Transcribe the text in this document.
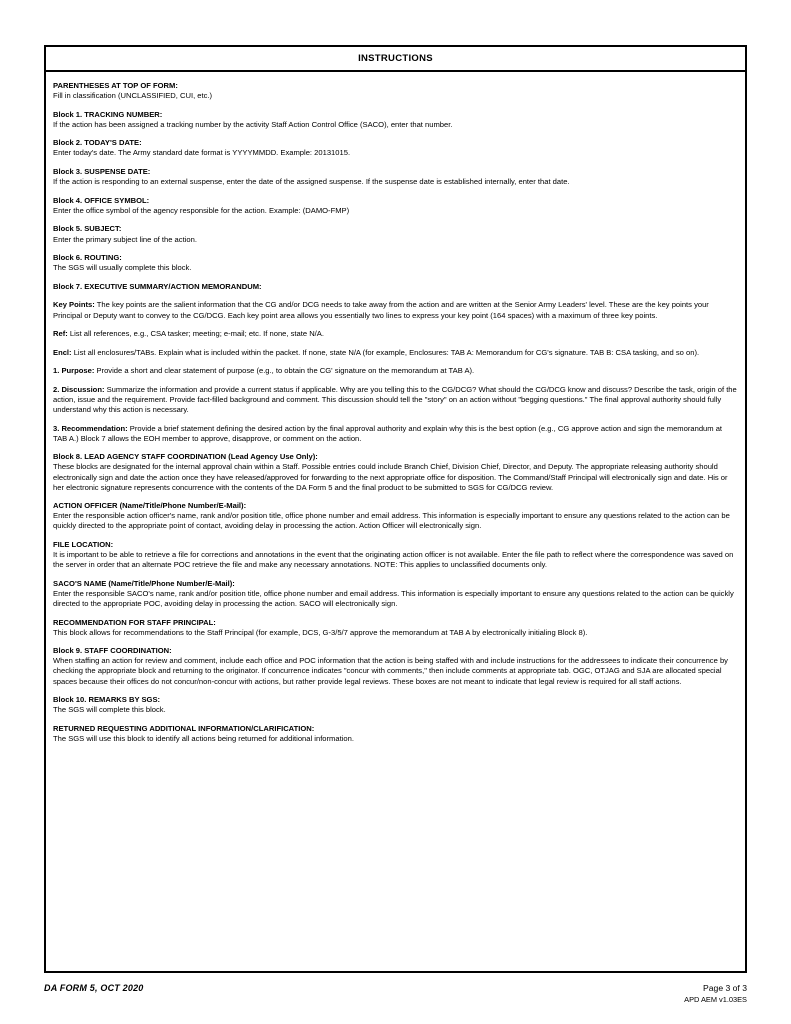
INSTRUCTIONS
PARENTHESES AT TOP OF FORM:
Fill in classification (UNCLASSIFIED, CUI, etc.)
Block 1. TRACKING NUMBER:
If the action has been assigned a tracking number by the activity Staff Action Control Office (SACO), enter that number.
Block 2. TODAY'S DATE:
Enter today's date. The Army standard date format is YYYYMMDD. Example: 20131015.
Block 3. SUSPENSE DATE:
If the action is responding to an external suspense, enter the date of the assigned suspense. If the suspense date is established internally, enter that date.
Block 4. OFFICE SYMBOL:
Enter the office symbol of the agency responsible for the action. Example: (DAMO-FMP)
Block 5. SUBJECT:
Enter the primary subject line of the action.
Block 6. ROUTING:
The SGS will usually complete this block.
Block 7. EXECUTIVE SUMMARY/ACTION MEMORANDUM:
Key Points: The key points are the salient information that the CG and/or DCG needs to take away from the action and are written at the Senior Army Leaders' level. These are the key points your Principal or Deputy want to convey to the CG/DCG. Each key point area allows you essentially two lines to express your key point (164 spaces) with a maximum of three key points.
Ref: List all references, e.g., CSA tasker; meeting; e-mail; etc. If none, state N/A.
Encl: List all enclosures/TABs. Explain what is included within the packet. If none, state N/A (for example, Enclosures: TAB A: Memorandum for CG's signature. TAB B: CSA tasking, and so on).
1. Purpose: Provide a short and clear statement of purpose (e.g., to obtain the CG' signature on the memorandum at TAB A).
2. Discussion: Summarize the information and provide a current status if applicable. Why are you telling this to the CG/DCG? What should the CG/DCG know and discuss? Describe the task, origin of the action, issue and the requirement. Provide fact-filled background and comment. This discussion should tell the "story" on an action without "begging questions." The final approval authority should fully understand why this action is necessary.
3. Recommendation: Provide a brief statement defining the desired action by the final approval authority and explain why this is the best option (e.g., CG approve action and sign the memorandum at TAB A.) Block 7 allows the EOH member to approve, disapprove, or comment on the action.
Block 8. LEAD AGENCY STAFF COORDINATION (Lead Agency Use Only):
These blocks are designated for the internal approval chain within a Staff. Possible entries could include Branch Chief, Division Chief, Director, and Deputy. The appropriate releasing authority should electronically sign and date the action once they have released/approved for forwarding to the next appropriate office for disposition. The Command/Staff Principal will electronically sign and date. His or her electronic signature represents concurrence with the contents of the DA Form 5 and the final product to be submitted to SGS for CG/DCG review.
ACTION OFFICER (Name/Title/Phone Number/E-Mail):
Enter the responsible action officer's name, rank and/or position title, office phone number and email address. This information is especially important to ensure any questions related to the action can be quickly directed to the appropriate point of contact, avoiding delay in processing the action. Action Officer will electronically sign.
FILE LOCATION:
It is important to be able to retrieve a file for corrections and annotations in the event that the originating action officer is not available. Enter the file path to reflect where the correspondence was saved on the server in order that an alternate POC retrieve the file and make any necessary annotations. NOTE: This applies to unclassified documents only.
SACO'S NAME (Name/Title/Phone Number/E-Mail):
Enter the responsible SACO's name, rank and/or position title, office phone number and email address. This information is especially important to ensure any questions related to the action can be quickly directed to the appropriate POC, avoiding delay in processing the action. SACO will electronically sign.
RECOMMENDATION FOR STAFF PRINCIPAL:
This block allows for recommendations to the Staff Principal (for example, DCS, G-3/5/7 approve the memorandum at TAB A by electronically initialing Block 8).
Block 9. STAFF COORDINATION:
When staffing an action for review and comment, include each office and POC information that the action is being staffed with and include instructions for the addressees to indicate their concurrence by checking the appropriate block and returning to the originator. If concurrence indicates "concur with comments," then include comments at appropriate tab. OGC, OTJAG and SJA are allocated special spaces because their offices do not concur/non-concur with actions, but rather provide legal reviews. These boxes are not meant to indicate that legal review is required for all staff actions.
Block 10. REMARKS BY SGS:
The SGS will complete this block.
RETURNED REQUESTING ADDITIONAL INFORMATION/CLARIFICATION:
The SGS will use this block to identify all actions being returned for additional information.
DA FORM 5, OCT 2020	Page 3 of 3
APD AEM v1.03ES
